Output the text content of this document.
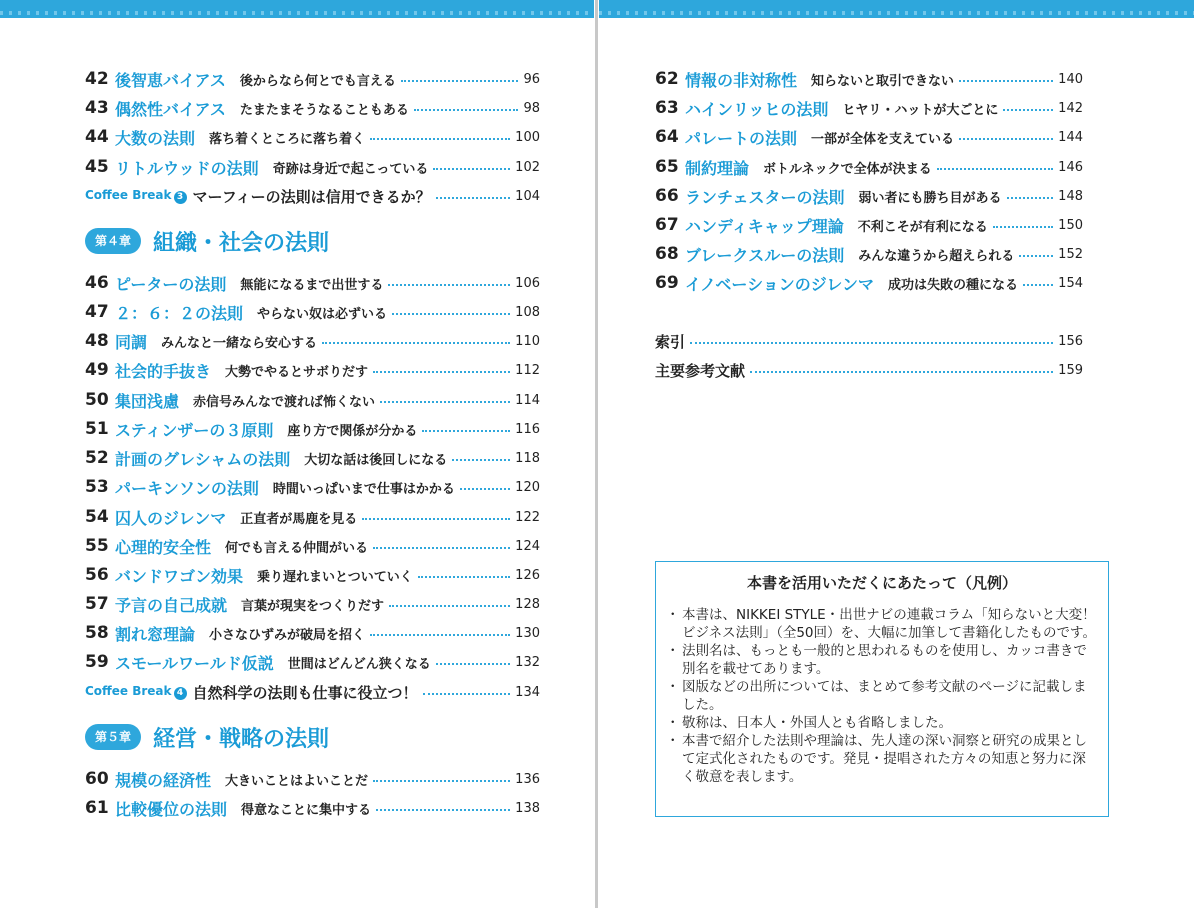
42 後智恵バイアス 後からなら何とでも言える	96
43 偶然性バイアス たまたまそうなることもある	98
44 大数の法則 落ち着くところに落ち着く	100
45 リトルウッドの法則 奇跡は身近で起こっている	102
Coffee Break 3 マーフィーの法則は信用できるか？	104
第４章	組織・社会の法則
46 ピーターの法則 無能になるまで出世する	106
47 ２：６：２の法則 やらない奴は必ずいる	108
48 同調 みんなと一緒なら安心する	110
49 社会的手抜き 大勢でやるとサボりだす	112
50 集団浅慮 赤信号みんなで渡れば怖くない	114
51 スティンザーの３原則 座り方で関係が分かる	116
52 計画のグレシャムの法則 大切な話は後回しになる	118
53 パーキンソンの法則 時間いっぱいまで仕事はかかる	120
54 囚人のジレンマ 正直者が馬鹿を見る	122
55 心理的安全性 何でも言える仲間がいる	124
56 バンドワゴン効果 乗り遅れまいとついていく	126
57 予言の自己成就 言葉が現実をつくりだす	128
58 割れ窓理論 小さなひずみが破局を招く	130
59 スモールワールド仮説 世間はどんどん狭くなる	132
Coffee Break 4 自然科学の法則も仕事に役立つ！	134
第５章	経営・戦略の法則
60 規模の経済性 大きいことはよいことだ	136
61 比較優位の法則 得意なことに集中する	138
62 情報の非対称性 知らないと取引できない	140
63 ハインリッヒの法則 ヒヤリ・ハットが大ごとに	142
64 パレートの法則 一部が全体を支えている	144
65 制約理論 ボトルネックで全体が決まる	146
66 ランチェスターの法則 弱い者にも勝ち目がある	148
67 ハンディキャップ理論 不利こそが有利になる	150
68 ブレークスルーの法則 みんな違うから超えられる	152
69 イノベーションのジレンマ 成功は失敗の種になる	154
索引	156
主要参考文献	159
本書を活用いただくにあたって（凡例）
・ 本書は、NIKKEI STYLE・出世ナビの連載コラム「知らないと大変！ビジネス法則」（全50回）を、大幅に加筆して書籍化したものです。
・ 法則名は、もっとも一般的と思われるものを使用し、カッコ書きで別名を載せてあります。
・ 図版などの出所については、まとめて参考文献のページに記載しました。
・ 敬称は、日本人・外国人とも省略しました。
・ 本書で紹介した法則や理論は、先人達の深い洞察と研究の成果として定式化されたものです。発見・提唱された方々の知恵と努力に深く敬意を表します。
